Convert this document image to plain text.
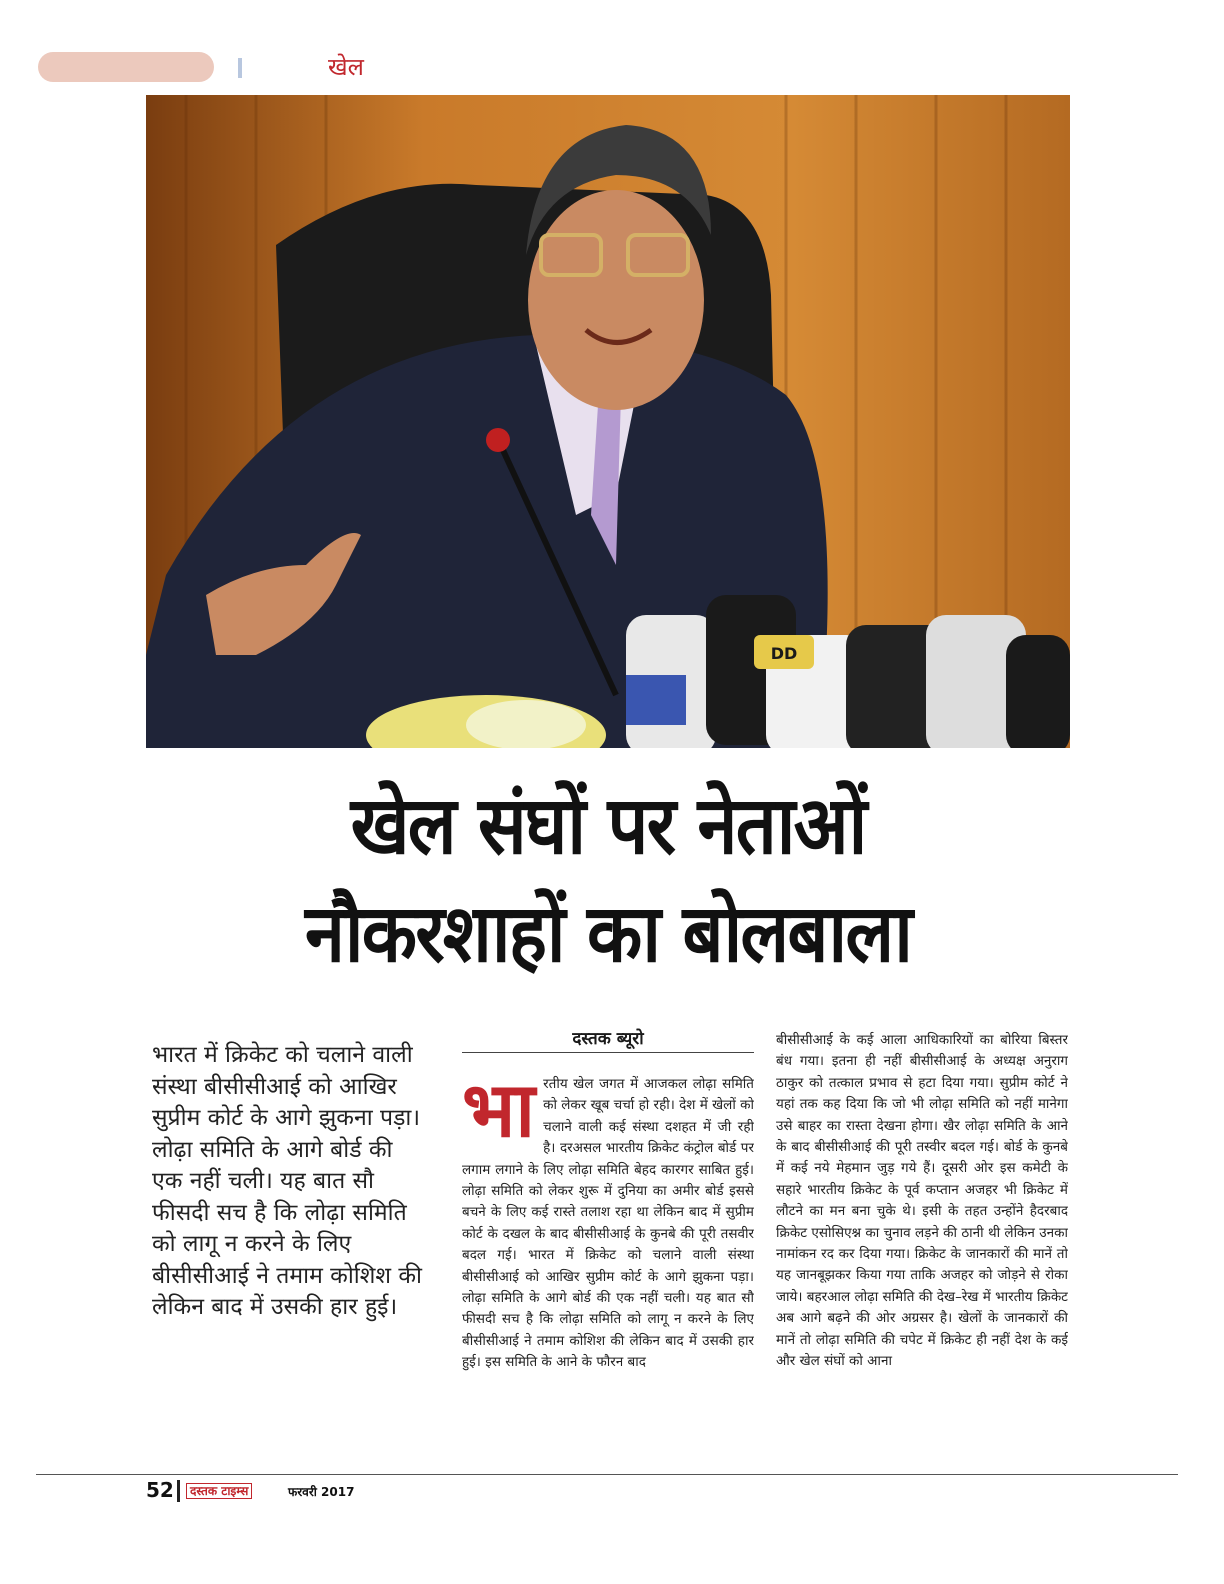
खेल
DD
खेल संघों पर नेताओं
नौकरशाहों का बोलबाला
भारत में क्रिकेट को चलाने वाली संस्था बीसीसीआई को आखिर सुप्रीम कोर्ट के आगे झुकना पड़ा। लोढ़ा समिति के आगे बोर्ड की एक नहीं चली। यह बात सौ फीसदी सच है कि लोढ़ा समिति को लागू न करने के लिए बीसीसीआई ने तमाम कोशिश की लेकिन बाद में उसकी हार हुई।
दस्तक ब्यूरो
भारतीय खेल जगत में आजकल लोढ़ा समिति को लेकर खूब चर्चा हो रही। देश में खेलों को चलाने वाली कई संस्था दशहत में जी रही है। दरअसल भारतीय क्रिकेट कंट्रोल बोर्ड पर लगाम लगाने के लिए लोढ़ा समिति बेहद कारगर साबित हुई। लोढ़ा समिति को लेकर शुरू में दुनिया का अमीर बोर्ड इससे बचने के लिए कई रास्ते तलाश रहा था लेकिन बाद में सुप्रीम कोर्ट के दखल के बाद बीसीसीआई के कुनबे की पूरी तसवीर बदल गई। भारत में क्रिकेट को चलाने वाली संस्था बीसीसीआई को आखिर सुप्रीम कोर्ट के आगे झुकना पड़ा। लोढ़ा समिति के आगे बोर्ड की एक नहीं चली। यह बात सौ फीसदी सच है कि लोढ़ा समिति को लागू न करने के लिए बीसीसीआई ने तमाम कोशिश की लेकिन बाद में उसकी हार हुई। इस समिति के आने के फौरन बाद
बीसीसीआई के कई आला आधिकारियों का बोरिया बिस्तर बंध गया। इतना ही नहीं बीसीसीआई के अध्यक्ष अनुराग ठाकुर को तत्काल प्रभाव से हटा दिया गया। सुप्रीम कोर्ट ने यहां तक कह दिया कि जो भी लोढ़ा समिति को नहीं मानेगा उसे बाहर का रास्ता देखना होगा। खैर लोढ़ा समिति के आने के बाद बीसीसीआई की पूरी तस्वीर बदल गई। बोर्ड के कुनबे में कई नये मेहमान जुड़ गये हैं। दूसरी ओर इस कमेटी के सहारे भारतीय क्रिकेट के पूर्व कप्तान अजहर भी क्रिकेट में लौटने का मन बना चुके थे। इसी के तहत उन्होंने हैदरबाद क्रिकेट एसोसिएश्न का चुनाव लड़ने की ठानी थी लेकिन उनका नामांकन रद कर दिया गया। क्रिकेट के जानकारों की मानें तो यह जानबूझकर किया गया ताकि अजहर को जोड़ने से रोका जाये। बहरआल लोढ़ा समिति की देख–रेख में भारतीय क्रिकेट अब आगे बढ़ने की ओर अग्रसर है। खेलों के जानकारों की मानें तो लोढ़ा समिति की चपेट में क्रिकेट ही नहीं देश के कई और खेल संघों को आना
52	दस्तक टाइम्स	फरवरी 2017
